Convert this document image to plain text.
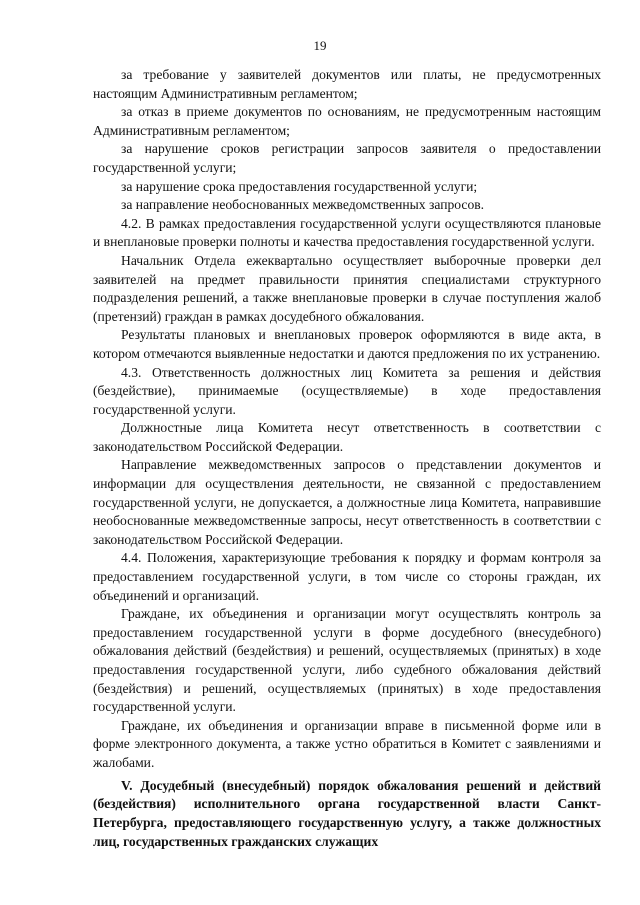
19

за требование у заявителей документов или платы, не предусмотренных настоящим Административным регламентом;

за отказ в приеме документов по основаниям, не предусмотренным настоящим Административным регламентом;

за нарушение сроков регистрации запросов заявителя о предоставлении государственной услуги;

за нарушение срока предоставления государственной услуги;

за направление необоснованных межведомственных запросов.

4.2. В рамках предоставления государственной услуги осуществляются плановые и внеплановые проверки полноты и качества предоставления государственной услуги.

Начальник Отдела ежеквартально осуществляет выборочные проверки дел заявителей на предмет правильности принятия специалистами структурного подразделения решений, а также внеплановые проверки в случае поступления жалоб (претензий) граждан в рамках досудебного обжалования.

Результаты плановых и внеплановых проверок оформляются в виде акта, в котором отмечаются выявленные недостатки и даются предложения по их устранению.

4.3. Ответственность должностных лиц Комитета за решения и действия (бездействие), принимаемые (осуществляемые) в ходе предоставления государственной услуги.

Должностные лица Комитета несут ответственность в соответствии с законодательством Российской Федерации.

Направление межведомственных запросов о представлении документов и информации для осуществления деятельности, не связанной с предоставлением государственной услуги, не допускается, а должностные лица Комитета, направившие необоснованные межведомственные запросы, несут ответственность в соответствии с законодательством Российской Федерации.

4.4. Положения, характеризующие требования к порядку и формам контроля за предоставлением государственной услуги, в том числе со стороны граждан, их объединений и организаций.

Граждане, их объединения и организации могут осуществлять контроль за предоставлением государственной услуги в форме досудебного (внесудебного) обжалования действий (бездействия) и решений, осуществляемых (принятых) в ходе предоставления государственной услуги, либо судебного обжалования действий (бездействия) и решений, осуществляемых (принятых) в ходе предоставления государственной услуги.

Граждане, их объединения и организации вправе в письменной форме или в форме электронного документа, а также устно обратиться в Комитет с заявлениями и жалобами.

V. Досудебный (внесудебный) порядок обжалования решений и действий (бездействия) исполнительного органа государственной власти Санкт-Петербурга, предоставляющего государственную услугу, а также должностных лиц, государственных гражданских служащих
